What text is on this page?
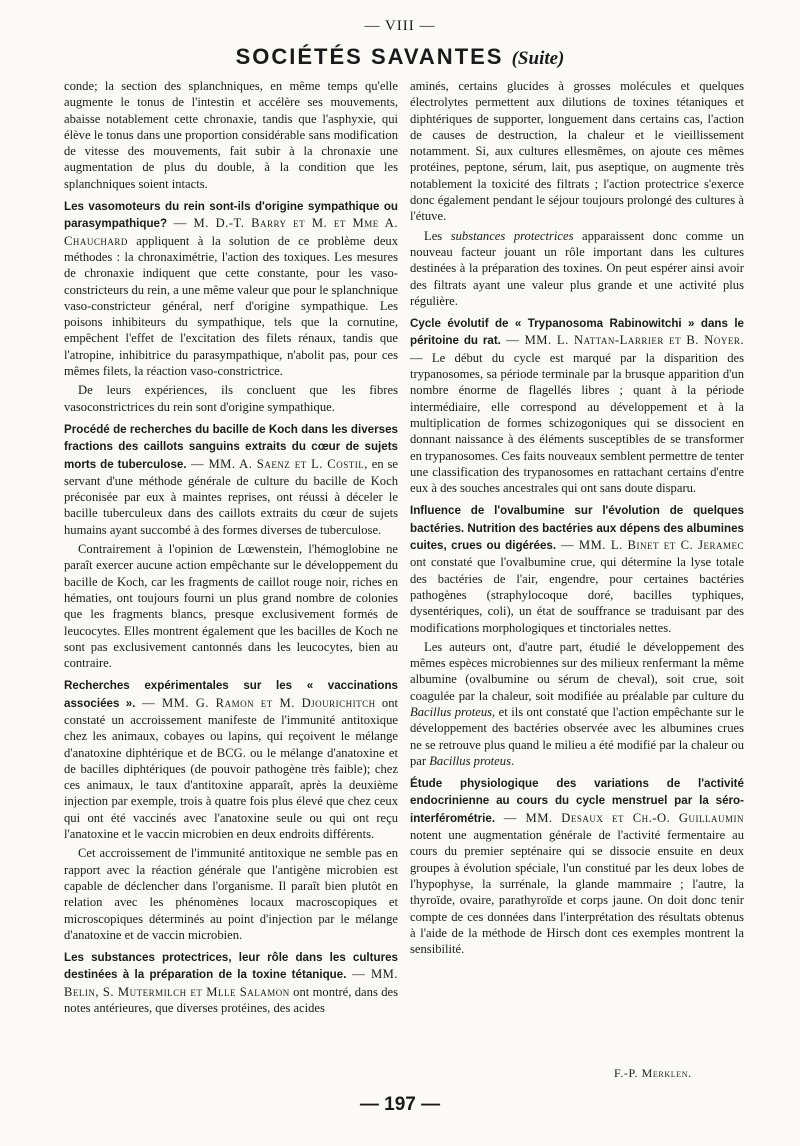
— VIII —
SOCIÉTÉS SAVANTES (Suite)

conde; la section des splanchniques, en même temps qu'elle augmente le tonus de l'intestin et accélère ses mouvements, abaisse notablement cette chronaxie, tandis que l'asphyxie, qui élève le tonus dans une proportion considérable sans modification de vitesse des mouvements, fait subir à la chronaxie une augmentation de plus du double, à la condition que les splanchniques soient intacts.

Les vasomoteurs du rein sont-ils d'origine sympathique ou parasympathique? — M. D.-T. Barry et M. et Mme A. Chauchard appliquent à la solution de ce problème deux méthodes : la chronaximétrie, l'action des toxiques. Les mesures de chronaxie indiquent que cette constante, pour les vaso-constricteurs du rein, a une même valeur que pour le splanchnique vaso-constricteur général, nerf d'origine sympathique. Les poisons inhibiteurs du sympathique, tels que la cornutine, empêchent l'effet de l'excitation des filets rénaux, tandis que l'atropine, inhibitrice du parasympathique, n'abolit pas, pour ces mêmes filets, la réaction vaso-constrictrice.

De leurs expériences, ils concluent que les fibres vasoconstrictrices du rein sont d'origine sympathique.

Procédé de recherches du bacille de Koch dans les diverses fractions des caillots sanguins extraits du cœur de sujets morts de tuberculose. — MM. A. Saenz et L. Costil, en se servant d'une méthode générale de culture du bacille de Koch préconisée par eux à maintes reprises, ont réussi à déceler le bacille tuberculeux dans des caillots extraits du cœur de sujets humains ayant succombé à des formes diverses de tuberculose.

Contrairement à l'opinion de Lœwenstein, l'hémoglobine ne paraît exercer aucune action empêchante sur le développement du bacille de Koch, car les fragments de caillot rouge noir, riches en hématies, ont toujours fourni un plus grand nombre de colonies que les fragments blancs, presque exclusivement formés de leucocytes. Elles montrent également que les bacilles de Koch ne sont pas exclusivement cantonnés dans les leucocytes, bien au contraire.

Recherches expérimentales sur les « vaccinations associées ». — MM. G. Ramon et M. Djourichitch ont constaté un accroissement manifeste de l'immunité antitoxique chez les animaux, cobayes ou lapins, qui reçoivent le mélange d'anatoxine diphtérique et de BCG. ou le mélange d'anatoxine et de bacilles diphtériques (de pouvoir pathogène très faible); chez ces animaux, le taux d'antitoxine apparaît, après la deuxième injection par exemple, trois à quatre fois plus élevé que chez ceux qui ont été vaccinés avec l'anatoxine seule ou qui ont reçu l'anatoxine et le vaccin microbien en deux endroits différents.

Cet accroissement de l'immunité antitoxique ne semble pas en rapport avec la réaction générale que l'antigène microbien est capable de déclencher dans l'organisme. Il paraît bien plutôt en relation avec les phénomènes locaux macroscopiques et microscopiques déterminés au point d'injection par le mélange d'anatoxine et de vaccin microbien.

Les substances protectrices, leur rôle dans les cultures destinées à la préparation de la toxine tétanique. — MM. Belin, S. Mutermilch et Mlle Salamon ont montré, dans des notes antérieures, que diverses protéines, des acides

aminés, certains glucides à grosses molécules et quelques électrolytes permettent aux dilutions de toxines tétaniques et diphtériques de supporter, longuement dans certains cas, l'action de causes de destruction, la chaleur et le vieillissement notamment. Si, aux cultures ellesmêmes, on ajoute ces mêmes protéines, peptone, sérum, lait, pus aseptique, on augmente très notablement la toxicité des filtrats ; l'action protectrice s'exerce donc également pendant le séjour toujours prolongé des cultures à l'étuve.

Les substances protectrices apparaissent donc comme un nouveau facteur jouant un rôle important dans les cultures destinées à la préparation des toxines. On peut espérer ainsi avoir des filtrats ayant une valeur plus grande et une activité plus régulière.

Cycle évolutif de « Trypanosoma Rabinowitchi » dans le péritoine du rat. — MM. L. Nattan-Larrier et B. Noyer. — Le début du cycle est marqué par la disparition des trypanosomes, sa période terminale par la brusque apparition d'un nombre énorme de flagellés libres ; quant à la période intermédiaire, elle correspond au développement et à la multiplication de formes schizogoniques qui se dissocient en donnant naissance à des éléments susceptibles de se transformer en trypanosomes. Ces faits nouveaux semblent permettre de tenter une classification des trypanosomes en rattachant certains d'entre eux à des souches ancestrales qui ont sans doute disparu.

Influence de l'ovalbumine sur l'évolution de quelques bactéries. Nutrition des bactéries aux dépens des albumines cuites, crues ou digérées. — MM. L. Binet et C. Jeramec ont constaté que l'ovalbumine crue, qui détermine la lyse totale des bactéries de l'air, engendre, pour certaines bactéries pathogènes (straphylocoque doré, bacilles typhiques, dysentériques, coli), un état de souffrance se traduisant par des modifications morphologiques et tinctoriales nettes.

Les auteurs ont, d'autre part, étudié le développement des mêmes espèces microbiennes sur des milieux renfermant la même albumine (ovalbumine ou sérum de cheval), soit crue, soit coagulée par la chaleur, soit modifiée au préalable par culture du Bacillus proteus, et ils ont constaté que l'action empêchante sur le développement des bactéries observée avec les albumines crues ne se retrouve plus quand le milieu a été modifié par la chaleur ou par Bacillus proteus.

Étude physiologique des variations de l'activité endocrinienne au cours du cycle menstruel par la séro-interférométrie. — MM. Desaux et Ch.-O. Guillaumin notent une augmentation générale de l'activité fermentaire au cours du premier septénaire qui se dissocie ensuite en deux groupes à évolution spéciale, l'un constitué par les deux lobes de l'hypophyse, la surrénale, la glande mammaire ; l'autre, la thyroïde, ovaire, parathyroïde et corps jaune. On doit donc tenir compte de ces données dans l'interprétation des résultats obtenus à l'aide de la méthode de Hirsch dont ces exemples montrent la sensibilité.

F.-P. Merklen.
— 197 —
